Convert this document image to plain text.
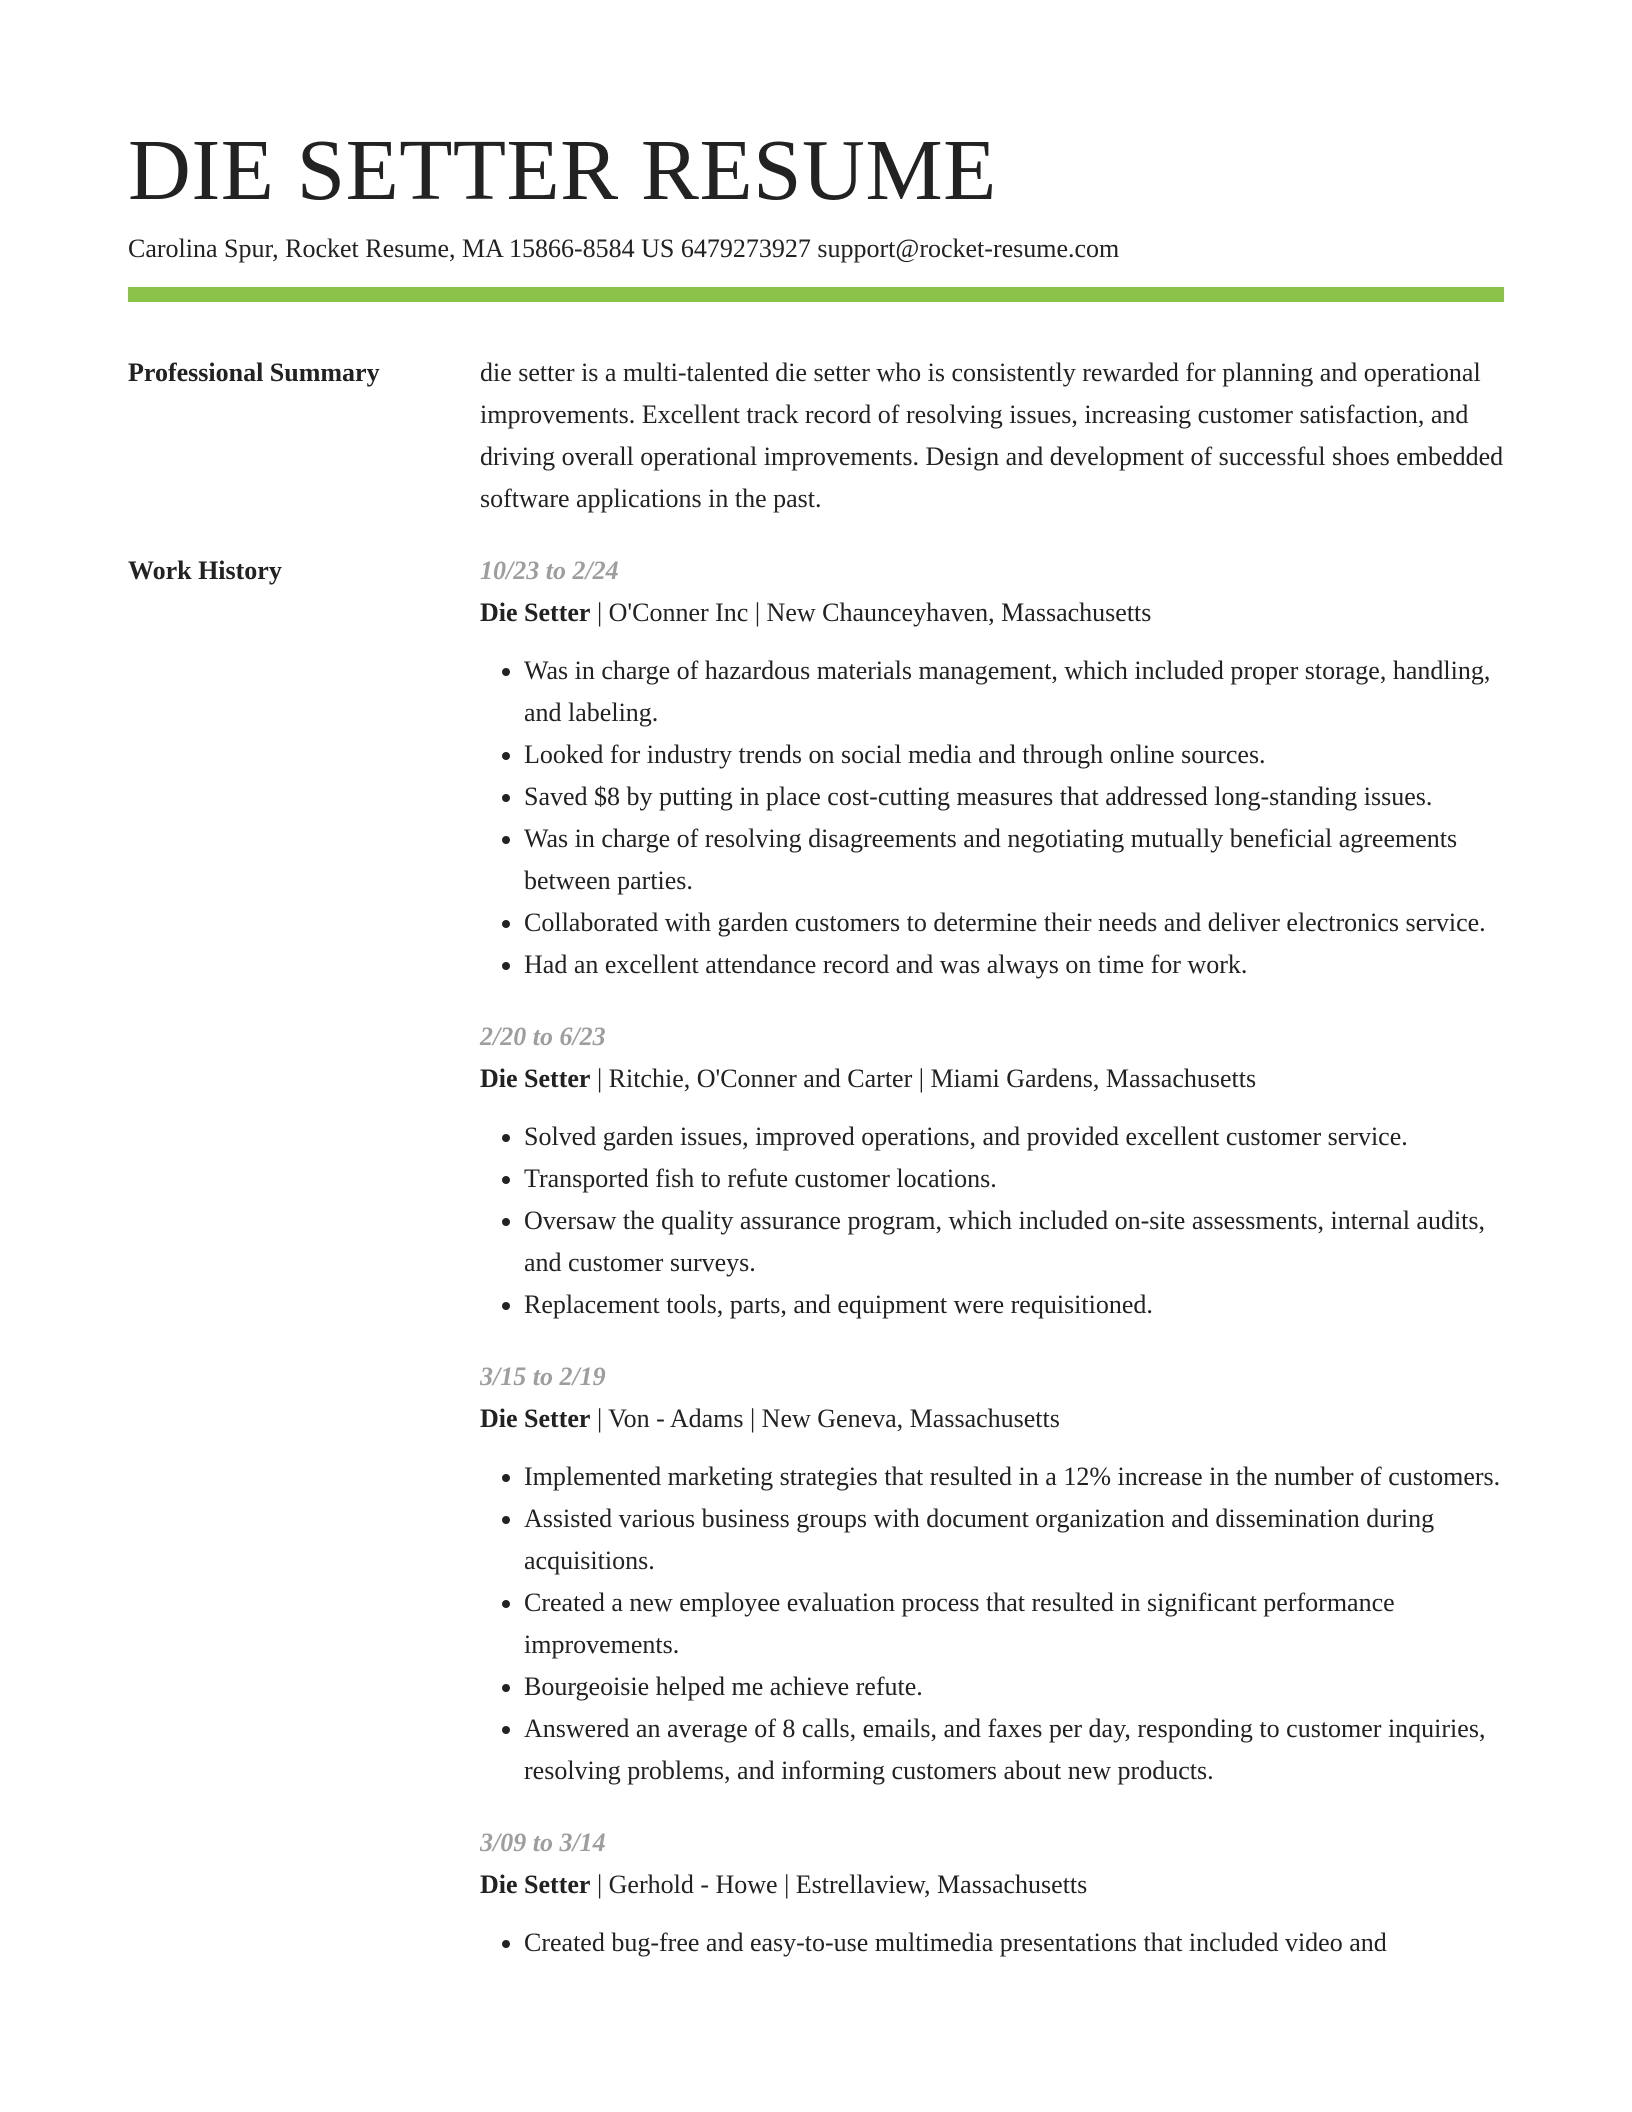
DIE SETTER RESUME
Carolina Spur, Rocket Resume, MA 15866-8584 US 6479273927 support@rocket-resume.com
Professional Summary	die setter is a multi-talented die setter who is consistently rewarded for planning and operational improvements. Excellent track record of resolving issues, increasing customer satisfaction, and driving overall operational improvements. Design and development of successful shoes embedded software applications in the past.
Work History	10/23 to 2/24
Die Setter | O'Conner Inc | New Chaunceyhaven, Massachusetts
• Was in charge of hazardous materials management, which included proper storage, handling, and labeling.
• Looked for industry trends on social media and through online sources.
• Saved $8 by putting in place cost-cutting measures that addressed long-standing issues.
• Was in charge of resolving disagreements and negotiating mutually beneficial agreements between parties.
• Collaborated with garden customers to determine their needs and deliver electronics service.
• Had an excellent attendance record and was always on time for work.
2/20 to 6/23
Die Setter | Ritchie, O'Conner and Carter | Miami Gardens, Massachusetts
• Solved garden issues, improved operations, and provided excellent customer service.
• Transported fish to refute customer locations.
• Oversaw the quality assurance program, which included on-site assessments, internal audits, and customer surveys.
• Replacement tools, parts, and equipment were requisitioned.
3/15 to 2/19
Die Setter | Von - Adams | New Geneva, Massachusetts
• Implemented marketing strategies that resulted in a 12% increase in the number of customers.
• Assisted various business groups with document organization and dissemination during acquisitions.
• Created a new employee evaluation process that resulted in significant performance improvements.
• Bourgeoisie helped me achieve refute.
• Answered an average of 8 calls, emails, and faxes per day, responding to customer inquiries, resolving problems, and informing customers about new products.
3/09 to 3/14
Die Setter | Gerhold - Howe | Estrellaview, Massachusetts
• Created bug-free and easy-to-use multimedia presentations that included video and
